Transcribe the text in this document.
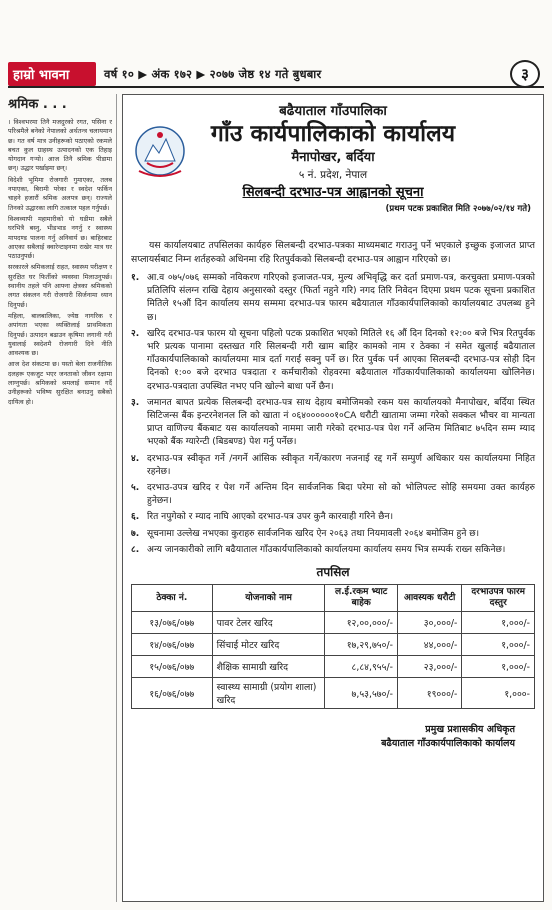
हाम्रो भावना	वर्ष १० ▶ अंक १७२ ▶ २०७७ जेष्ठ १४ गते बुधबार	३
श्रमिक . . .

। विश्वभरमा तिनै मजदुरको रगत, पसिना र परिश्रमैले बनेको नेपालको अर्थतन्त्र चलायमान छ। गत वर्ष मात्र उनीहरूको पठाएको रकमले बचत कुल ग्राहस्थ उत्पादनको एक तिहाइ योगदान गर्‍यो। आज तिनै श्रमिक पीडामा छन्। उद्धार पर्खाइमा छन्।

विदेशी भूमिमा रोजगारी गुमाएका, तलब नपाएका, बिरामी परेका र स्वदेश फर्किन चाहने हजारौं श्रमिक अलपत्र छन्। राज्यले तिनको उद्धारका लागि तत्काल पहल गर्नुपर्छ।

विश्वव्यापी महामारीको यो घडीमा सबैले घरभित्रै बस्नु, भीडभाड नगर्नु र स्वास्थ्य मापदण्ड पालना गर्नु अनिवार्य छ। बाहिरबाट आएका सबैलाई क्वारेन्टाइनमा राखेर मात्र घर पठाउनुपर्छ।

सरकारले श्रमिकलाई राहत, स्वास्थ्य परीक्षण र सुरक्षित घर फिर्तीको व्यवस्था मिलाउनुपर्छ। स्थानीय तहले पनि आफ्ना क्षेत्रका श्रमिकको लगत संकलन गरी रोजगारी सिर्जनामा ध्यान दिनुपर्छ।

महिला, बालबालिका, ज्येष्ठ नागरिक र अपांगता भएका व्यक्तिलाई प्राथमिकता दिनुपर्छ। उत्पादन बढाउन कृषिमा लगानी गरी युवालाई स्वदेशमै रोजगारी दिने नीति आवश्यक छ।

आज देश संकटमा छ। यस्तो बेला राजनीतिक दलहरू एकजुट भएर जनताको जीवन रक्षामा लाग्नुपर्छ। श्रमिकको श्रमलाई सम्मान गर्दै उनीहरूको भविष्य सुरक्षित बनाउनु सबैको दायित्व हो।

बढैयाताल गाँउपालिका
गाँउ कार्यपालिकाको कार्यालय
मैनापोखर, बर्दिया
५ नं. प्रदेश, नेपाल
सिलबन्दी दरभाउ-पत्र आह्वानको सूचना
(प्रथम पटक प्रकाशित मिति २०७७/०२/१४ गते)

यस कार्यालयबाट तपसिलका कार्यहरु सिलबन्दी दरभाउ-पत्रका माध्यमबाट गराउनु पर्ने भएकाले इच्छुक इजाजत प्राप्त सप्लायर्सबाट निम्न शर्तहरुको अधिनमा रहि रितपुर्वकको सिलबन्दी दरभाउ-पत्र आह्वान गरिएको छ।

१. आ.व ०७५/०७६ सम्मको नविकरण गरिएको इजाजत-पत्र, मुल्य अभिवृद्धि कर दर्ता प्रमाण-पत्र, करचुक्ता प्रमाण-पत्रको प्रतिलिपि संलग्न राखि देहाय अनुसारको दस्तुर (फिर्ता नहुने गरि) नगद तिरि निवेदन दिएमा प्रथम पटक सूचना प्रकाशित मितिले १५औं दिन कार्यालय समय सम्ममा दरभाउ-पत्र फारम बढैयाताल गाँउकार्यपालिकाको कार्यालयबाट उपलब्ध हुने छ।
२. खरिद दरभाउ-पत्र फारम यो सूचना पहिलो पटक प्रकाशित भएको मितिले १६ औं दिन दिनको १२:०० बजे भित्र रितपुर्वक भरि प्रत्यक पानामा दस्तखत गरि सिलबन्दी गरी खाम बाहिर कामको नाम र ठेक्का नं समेत खुलाई बढैयाताल गाँउकार्यपालिकाको कार्यालयमा मात्र दर्ता गराई सक्नु पर्ने छ। रित पुर्वक पर्न आएका सिलबन्दी दरभाउ-पत्र सोही दिन दिनको १:०० बजे दरभाउ पत्रदाता र कर्मचारीको रोहवरमा बढैयाताल गाँउकार्यपालिकाको कार्यालयमा खोलिनेछ। दरभाउ-पत्रदाता उपस्थित नभए पनि खोल्ने बाधा पर्ने छैन।
३. जमानत बापत प्रत्येक सिलबन्दी दरभाउ-पत्र साथ देहाय बमोजिमको रकम यस कार्यालयको मैनापोखर, बर्दिया स्थित सिटिजन्स बैंक इन्टरनेशनल लि को खाता नं ०६४००००००१०CA धरौटी खातामा जम्मा गरेको सक्कल भौचर वा मान्यता प्राप्त वाणिज्य बैंकबाट यस कार्यालयको नाममा जारी गरेको दरभाउ-पत्र पेश गर्ने अन्तिम मितिबाट ७५दिन सम्म म्याद भएको बैंक ग्यारेन्टी (बिडबण्ड) पेश गर्नु पर्नेछ।
४. दरभाउ-पत्र स्वीकृत गर्ने /नगर्ने आंसिक स्वीकृत गर्ने/कारण नजनाई रद्द गर्ने सम्पुर्ण अधिकार यस कार्यालयमा निहित रहनेछ।
५. दरभाउ-उपत्र खरिद र पेश गर्ने अन्तिम दिन सार्वजनिक बिदा परेमा सो को भोलिपल्ट सोहि समयमा उक्त कार्यहरु हुनेछन।
६. रित नपुगेको र म्याद नाघि आएको दरभाउ-पत्र उपर कुनै कारवाही गरिने छैन।
७. सूचनामा उल्लेख नभएका कुराहरु सार्वजनिक खरिद ऐन २०६३ तथा नियमावली २०६४ बमोजिम हुने छ।
८. अन्य जानकारीको लागि बढैयाताल गाँउकार्यपालिकाको कार्यालयमा कार्यालय समय भित्र सम्पर्क राख्न सकिनेछ।
तपसिल
ठेक्का नं.	योजनाको नाम	ल.ई.रकम भ्याट बाहेक	आवस्यक धरौटी	दरभाउपत्र फारम दस्तुर
१३/०७६/०७७	पावर टेलर खरिद	१२,००,०००/-	३०,०००/-	१,०००/-
१४/०७६/०७७	सिंचाई मोटर खरिद	१७,२९,७५०/-	४४,०००/-	१,०००/-
१५/०७६/०७७	शैक्षिक सामाग्री खरिद	८,८४,९५५/-	२३,०००/-	१,०००/-
१६/०७६/०७७	स्वास्थ्य सामाग्री (प्रयोग शाला) खरिद	७,५३,५७०/-	१९०००/-	१,०००-
प्रमुख प्रशासकीय अधिकृत
बढैयाताल गाँउकार्यपालिकाको कार्यालय
